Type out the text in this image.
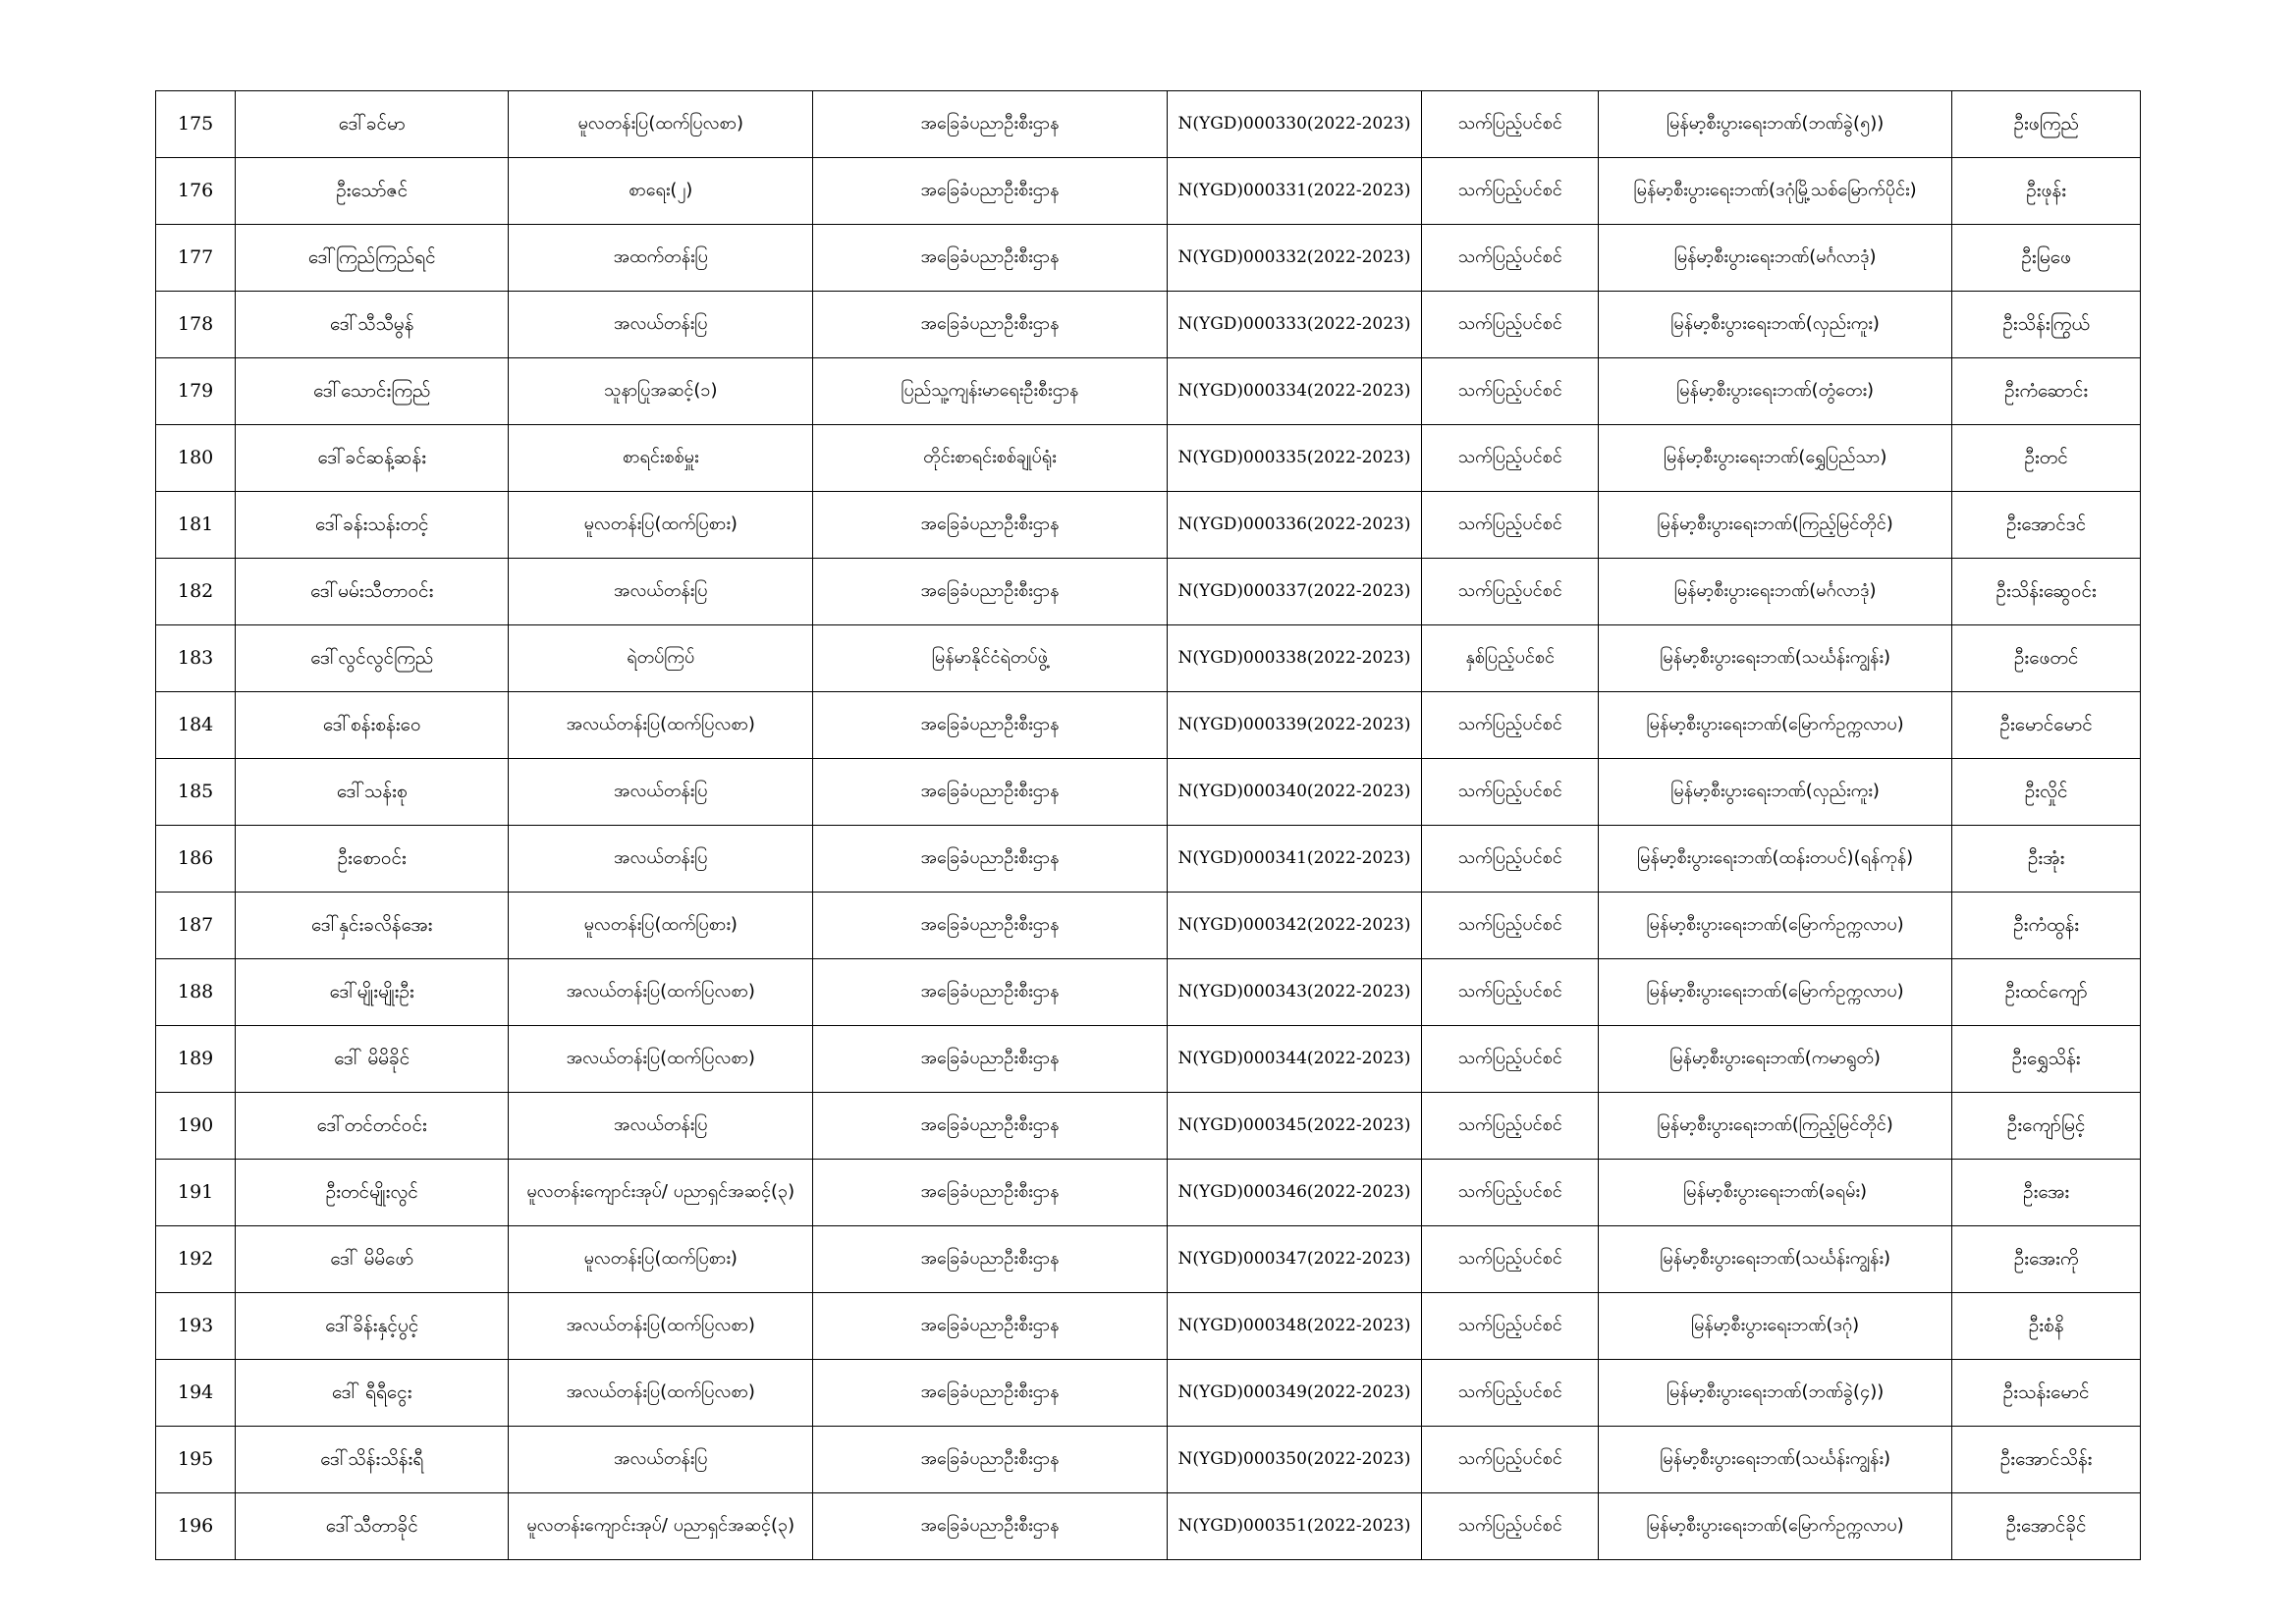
175	ဒေါ်ခင်မာ	မူလတန်းပြ(ထက်ပြလစာ)	အခြေခံပညာဦးစီးဌာန	N(YGD)000330(2022-2023)	သက်ပြည့်ပင်စင်	မြန်မာ့စီးပွားရေးဘဏ်(ဘဏ်ခွဲ(၅))	ဦးဖကြည်
176	ဦးသော်ဇင်	စာရေး(၂)	အခြေခံပညာဦးစီးဌာန	N(YGD)000331(2022-2023)	သက်ပြည့်ပင်စင်	မြန်မာ့စီးပွားရေးဘဏ်(ဒဂုံမြို့သစ်မြောက်ပိုင်း)	ဦးဖုန်း
177	ဒေါ်ကြည်ကြည်ရင်	အထက်တန်းပြ	အခြေခံပညာဦးစီးဌာန	N(YGD)000332(2022-2023)	သက်ပြည့်ပင်စင်	မြန်မာ့စီးပွားရေးဘဏ်(မင်္ဂလာဒုံ)	ဦးမြဖေ
178	ဒေါ်သီသီမွန်	အလယ်တန်းပြ	အခြေခံပညာဦးစီးဌာန	N(YGD)000333(2022-2023)	သက်ပြည့်ပင်စင်	မြန်မာ့စီးပွားရေးဘဏ်(လှည်းကူး)	ဦးသိန်းကြွယ်
179	ဒေါ်သောင်းကြည်	သူနာပြုအဆင့်(၁)	ပြည်သူ့ကျန်းမာရေးဦးစီးဌာန	N(YGD)000334(2022-2023)	သက်ပြည့်ပင်စင်	မြန်မာ့စီးပွားရေးဘဏ်(တွံတေး)	ဦးကံဆောင်း
180	ဒေါ်ခင်ဆန့်ဆန်း	စာရင်းစစ်မှူး	တိုင်းစာရင်းစစ်ချုပ်ရုံး	N(YGD)000335(2022-2023)	သက်ပြည့်ပင်စင်	မြန်မာ့စီးပွားရေးဘဏ်(ရွှေပြည်သာ)	ဦးတင်
181	ဒေါ်ခန်းသန်းတင့်	မူလတန်းပြ(ထက်ပြစား)	အခြေခံပညာဦးစီးဌာန	N(YGD)000336(2022-2023)	သက်ပြည့်ပင်စင်	မြန်မာ့စီးပွားရေးဘဏ်(ကြည့်မြင်တိုင်)	ဦးအောင်ဒင်
182	ဒေါ်မမ်းသီတာဝင်း	အလယ်တန်းပြ	အခြေခံပညာဦးစီးဌာန	N(YGD)000337(2022-2023)	သက်ပြည့်ပင်စင်	မြန်မာ့စီးပွားရေးဘဏ်(မင်္ဂလာဒုံ)	ဦးသိန်းဆွေဝင်း
183	ဒေါ်လွင်လွင်ကြည်	ရဲတပ်ကြပ်	မြန်မာနိုင်ငံရဲတပ်ဖွဲ့	N(YGD)000338(2022-2023)	နှစ်ပြည့်ပင်စင်	မြန်မာ့စီးပွားရေးဘဏ်(သင်္ဃန်းကျွန်း)	ဦးဖေတင်
184	ဒေါ်စန်းစန်းဝေ	အလယ်တန်းပြ(ထက်ပြလစာ)	အခြေခံပညာဦးစီးဌာန	N(YGD)000339(2022-2023)	သက်ပြည့်ပင်စင်	မြန်မာ့စီးပွားရေးဘဏ်(မြောက်ဥက္ကလာပ)	ဦးမောင်မောင်
185	ဒေါ်သန်းစု	အလယ်တန်းပြ	အခြေခံပညာဦးစီးဌာန	N(YGD)000340(2022-2023)	သက်ပြည့်ပင်စင်	မြန်မာ့စီးပွားရေးဘဏ်(လှည်းကူး)	ဦးလှိုင်
186	ဦးစောဝင်း	အလယ်တန်းပြ	အခြေခံပညာဦးစီးဌာန	N(YGD)000341(2022-2023)	သက်ပြည့်ပင်စင်	မြန်မာ့စီးပွားရေးဘဏ်(ထန်းတပင်)(ရန်ကုန်)	ဦးအုံး
187	ဒေါ်နှင်းခလိန်အေး	မူလတန်းပြ(ထက်ပြစား)	အခြေခံပညာဦးစီးဌာန	N(YGD)000342(2022-2023)	သက်ပြည့်ပင်စင်	မြန်မာ့စီးပွားရေးဘဏ်(မြောက်ဥက္ကလာပ)	ဦးကံထွန်း
188	ဒေါ်မျိုးမျိုးဦး	အလယ်တန်းပြ(ထက်ပြလစာ)	အခြေခံပညာဦးစီးဌာန	N(YGD)000343(2022-2023)	သက်ပြည့်ပင်စင်	မြန်မာ့စီးပွားရေးဘဏ်(မြောက်ဥက္ကလာပ)	ဦးထင်ကျော်
189	ဒေါ် မိမိခိုင်	အလယ်တန်းပြ(ထက်ပြလစာ)	အခြေခံပညာဦးစီးဌာန	N(YGD)000344(2022-2023)	သက်ပြည့်ပင်စင်	မြန်မာ့စီးပွားရေးဘဏ်(ကမာရွတ်)	ဦးရွှေသိန်း
190	ဒေါ်တင်တင်ဝင်း	အလယ်တန်းပြ	အခြေခံပညာဦးစီးဌာန	N(YGD)000345(2022-2023)	သက်ပြည့်ပင်စင်	မြန်မာ့စီးပွားရေးဘဏ်(ကြည့်မြင်တိုင်)	ဦးကျော်မြင့်
191	ဦးတင်မျိုးလွင်	မူလတန်းကျောင်းအုပ်/ ပညာရှင်အဆင့်(၃)	အခြေခံပညာဦးစီးဌာန	N(YGD)000346(2022-2023)	သက်ပြည့်ပင်စင်	မြန်မာ့စီးပွားရေးဘဏ်(ခရမ်း)	ဦးအေး
192	ဒေါ် မိမိဖော်	မူလတန်းပြ(ထက်ပြစား)	အခြေခံပညာဦးစီးဌာန	N(YGD)000347(2022-2023)	သက်ပြည့်ပင်စင်	မြန်မာ့စီးပွားရေးဘဏ်(သင်္ဃန်းကျွန်း)	ဦးအေးကို
193	ဒေါ်ခိန်းနှင့်ပွင့်	အလယ်တန်းပြ(ထက်ပြလစာ)	အခြေခံပညာဦးစီးဌာန	N(YGD)000348(2022-2023)	သက်ပြည့်ပင်စင်	မြန်မာ့စီးပွားရေးဘဏ်(ဒဂုံ)	ဦးစံနိ
194	ဒေါ် ရီရီငွေး	အလယ်တန်းပြ(ထက်ပြလစာ)	အခြေခံပညာဦးစီးဌာန	N(YGD)000349(2022-2023)	သက်ပြည့်ပင်စင်	မြန်မာ့စီးပွားရေးဘဏ်(ဘဏ်ခွဲ(၄))	ဦးသန်းမောင်
195	ဒေါ်သိန်းသိန်းရီ	အလယ်တန်းပြ	အခြေခံပညာဦးစီးဌာန	N(YGD)000350(2022-2023)	သက်ပြည့်ပင်စင်	မြန်မာ့စီးပွားရေးဘဏ်(သင်္ဃန်းကျွန်း)	ဦးအောင်သိန်း
196	ဒေါ်သီတာခိုင်	မူလတန်းကျောင်းအုပ်/ ပညာရှင်အဆင့်(၃)	အခြေခံပညာဦးစီးဌာန	N(YGD)000351(2022-2023)	သက်ပြည့်ပင်စင်	မြန်မာ့စီးပွားရေးဘဏ်(မြောက်ဥက္ကလာပ)	ဦးအောင်ခိုင်
